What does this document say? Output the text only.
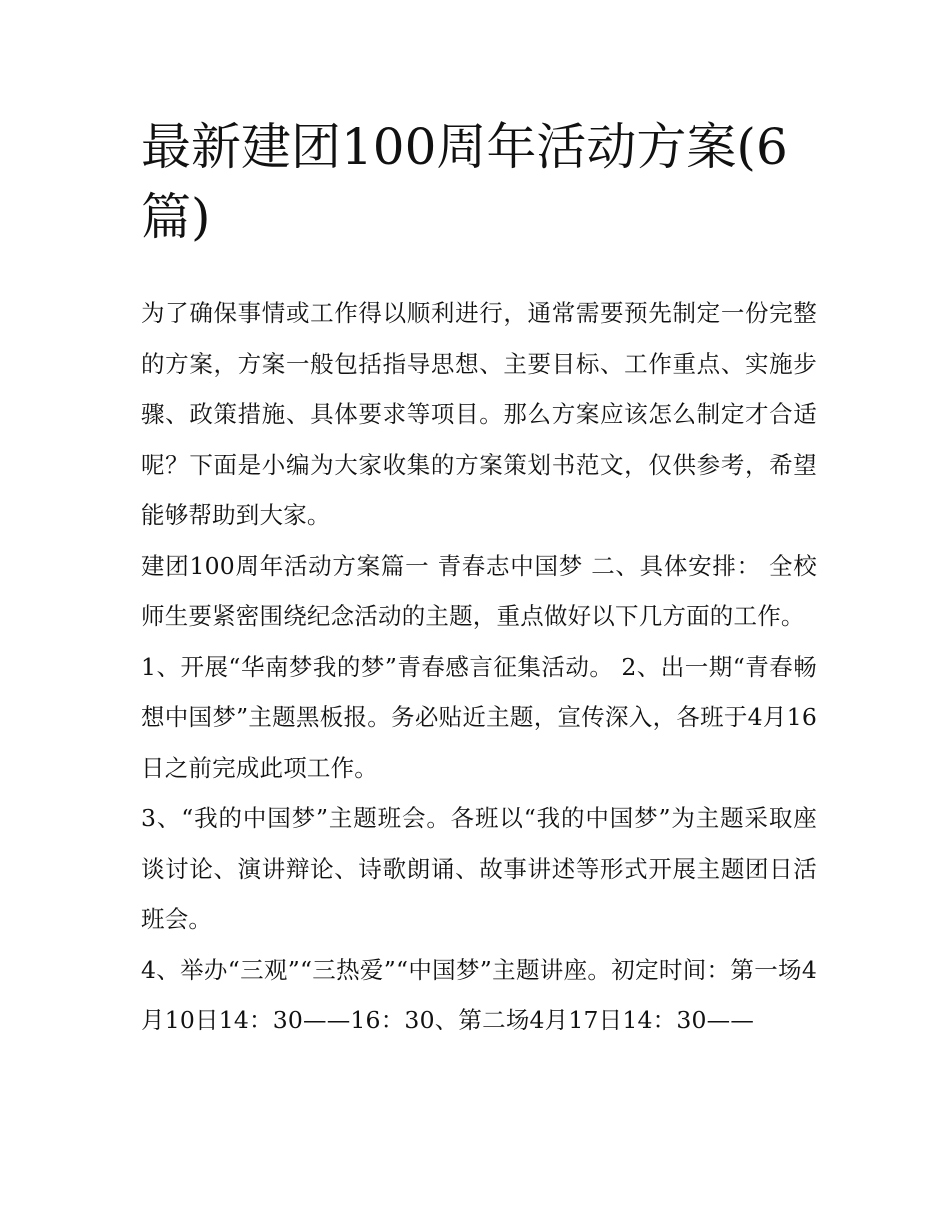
最新建团100周年活动方案(6篇)

为了确保事情或工作得以顺利进行，通常需要预先制定一份完整的方案，方案一般包括指导思想、主要目标、工作重点、实施步骤、政策措施、具体要求等项目。那么方案应该怎么制定才合适呢？下面是小编为大家收集的方案策划书范文，仅供参考，希望能够帮助到大家。

建团100周年活动方案篇一 青春志中国梦 二、具体安排： 全校师生要紧密围绕纪念活动的主题，重点做好以下几方面的工作。

1、开展“华南梦我的梦”青春感言征集活动。 2、出一期“青春畅想中国梦”主题黑板报。务必贴近主题，宣传深入，各班于4月16日之前完成此项工作。

3、“我的中国梦”主题班会。各班以“我的中国梦”为主题采取座谈讨论、演讲辩论、诗歌朗诵、故事讲述等形式开展主题团日活班会。

4、举办“三观”“三热爱”“中国梦”主题讲座。初定时间：第一场4月10日14：30——16：30、第二场4月17日14：30——
